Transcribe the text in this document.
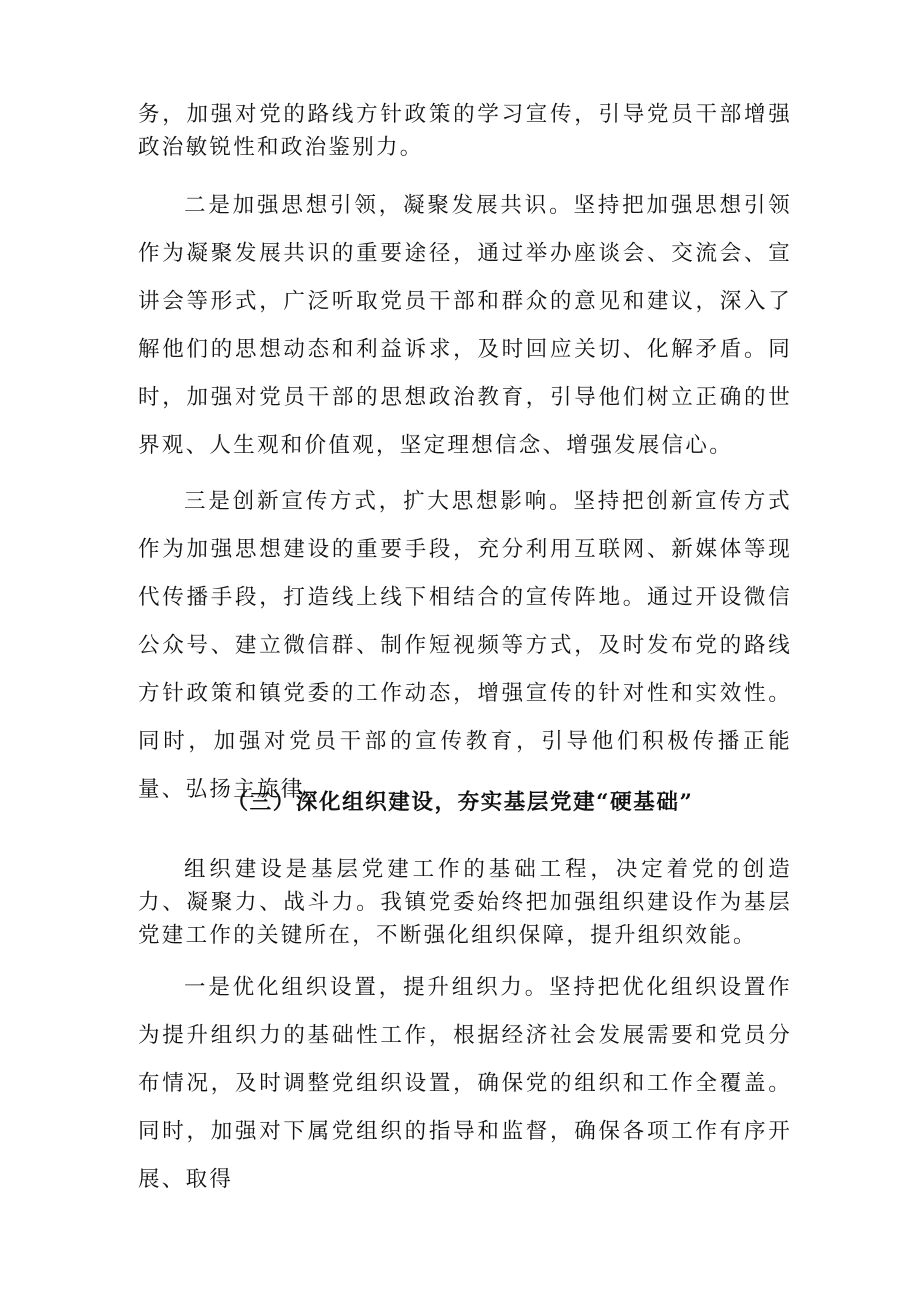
务，加强对党的路线方针政策的学习宣传，引导党员干部增强政治敏锐性和政治鉴别力。

二是加强思想引领，凝聚发展共识。坚持把加强思想引领作为凝聚发展共识的重要途径，通过举办座谈会、交流会、宣讲会等形式，广泛听取党员干部和群众的意见和建议，深入了解他们的思想动态和利益诉求，及时回应关切、化解矛盾。同时，加强对党员干部的思想政治教育，引导他们树立正确的世界观、人生观和价值观，坚定理想信念、增强发展信心。

三是创新宣传方式，扩大思想影响。坚持把创新宣传方式作为加强思想建设的重要手段，充分利用互联网、新媒体等现代传播手段，打造线上线下相结合的宣传阵地。通过开设微信公众号、建立微信群、制作短视频等方式，及时发布党的路线方针政策和镇党委的工作动态，增强宣传的针对性和实效性。同时，加强对党员干部的宣传教育，引导他们积极传播正能量、弘扬主旋律。

（三）深化组织建设，夯实基层党建“硬基础”

组织建设是基层党建工作的基础工程，决定着党的创造力、凝聚力、战斗力。我镇党委始终把加强组织建设作为基层党建工作的关键所在，不断强化组织保障，提升组织效能。

一是优化组织设置，提升组织力。坚持把优化组织设置作为提升组织力的基础性工作，根据经济社会发展需要和党员分布情况，及时调整党组织设置，确保党的组织和工作全覆盖。同时，加强对下属党组织的指导和监督，确保各项工作有序开展、取得
